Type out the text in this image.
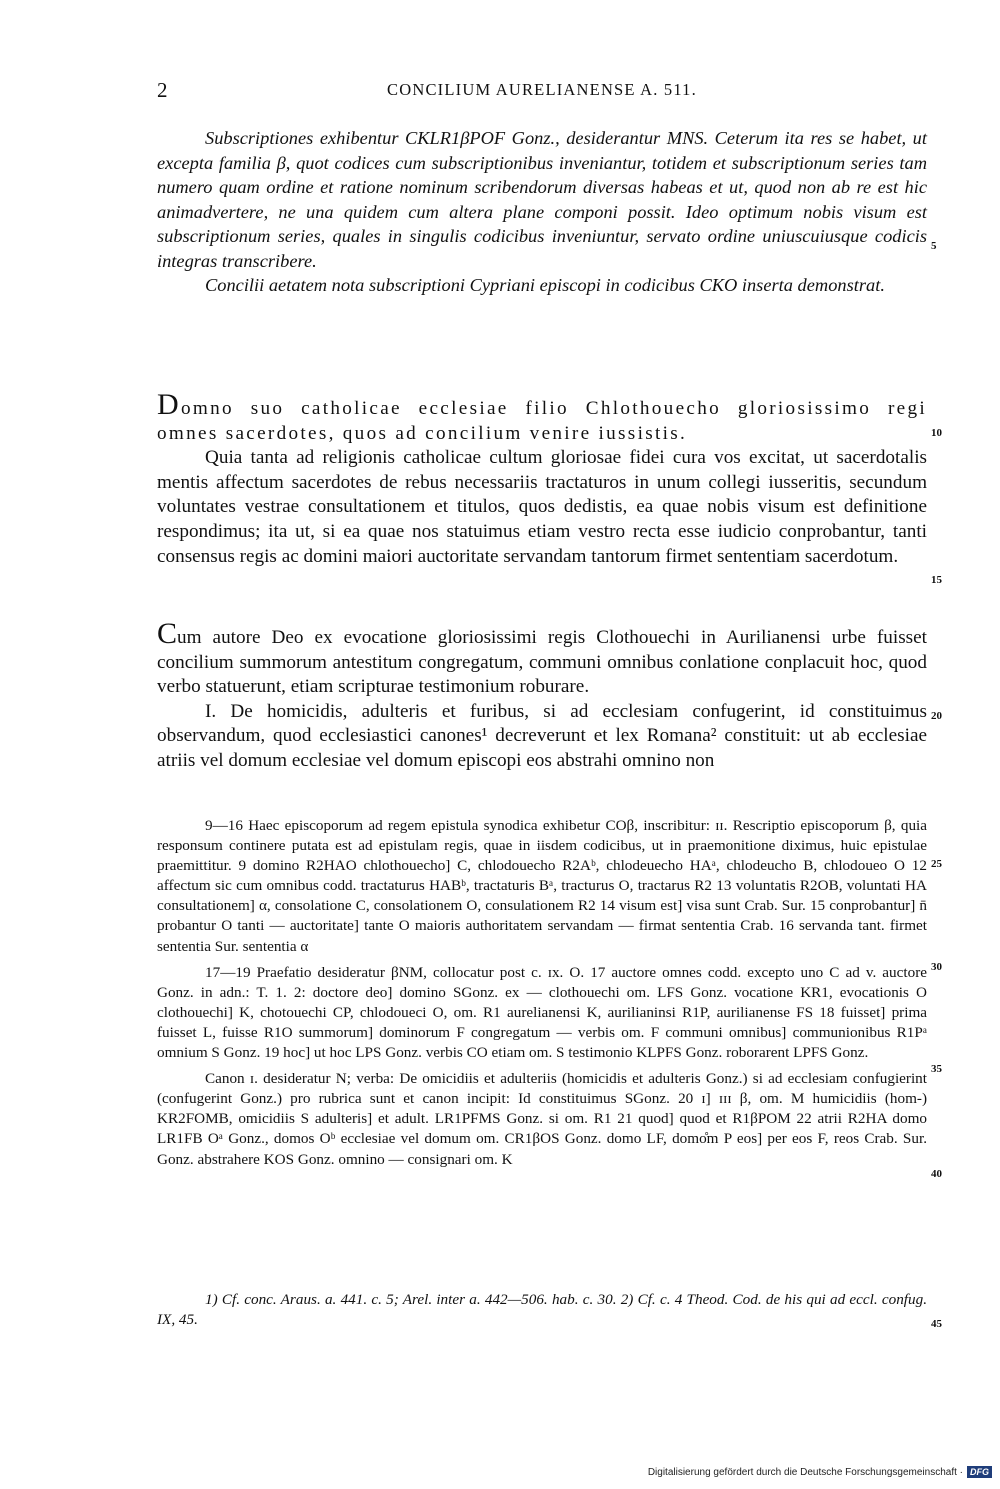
2	CONCILIUM AURELIANENSE A. 511.

Subscriptiones exhibentur CKLR1βPOF Gonz., desiderantur MNS. Ceterum ita res se habet, ut excepta familia β, quot codices cum subscriptionibus inveniantur, totidem et subscriptionum series tam numero quam ordine et ratione nominum scribendorum diversas habeas et ut, quod non ab re est hic animadvertere, ne una quidem cum altera plane componi possit. Ideo optimum nobis visum est subscriptionum series, quales in singulis codicibus inveniuntur, servato ordine uniuscuiusque codicis integras transcribere.

Concilii aetatem nota subscriptioni Cypriani episcopi in codicibus CKO inserta demonstrat.

Domno suo catholicae ecclesiae filio Chlothouecho gloriosissimo regi omnes sacerdotes, quos ad concilium venire iussistis.

Quia tanta ad religionis catholicae cultum gloriosae fidei cura vos excitat, ut sacerdotalis mentis affectum sacerdotes de rebus necessariis tractaturos in unum collegi iusseritis, secundum voluntates vestrae consultationem et titulos, quos dedistis, ea quae nobis visum est definitione respondimus; ita ut, si ea quae nos statuimus etiam vestro recta esse iudicio conprobantur, tanti consensus regis ac domini maiori auctoritate servandam tantorum firmet sententiam sacerdotum.

Cum autore Deo ex evocatione gloriosissimi regis Clothouechi in Aurilianensi urbe fuisset concilium summorum antestitum congregatum, communi omnibus conlatione conplacuit hoc, quod verbo statuerunt, etiam scripturae testimonium roburare.

I. De homicidis, adulteris et furibus, si ad ecclesiam confugerint, id constituimus observandum, quod ecclesiastici canones¹ decreverunt et lex Romana² constituit: ut ab ecclesiae atriis vel domum ecclesiae vel domum episcopi eos abstrahi omnino non

9—16 Haec episcoporum ad regem epistula synodica exhibetur COβ, inscribitur: ɪɪ. Rescriptio episcoporum β, quia responsum continere putata est ad epistulam regis, quae in iisdem codicibus, ut in praemonitione diximus, huic epistulae praemittitur. 9 domino R2HAO chlothouecho] C, chlodouecho R2Aᵇ, chlodeuecho HAᵃ, chlodeucho B, chlodoueo O 12 affectum sic cum omnibus codd. tractaturus HABᵇ, tractaturis Bᵃ, tracturus O, tractarus R2 13 voluntatis R2OB, voluntati HA consultationem] α, consolatione C, consolationem O, consulationem R2 14 visum est] visa sunt Crab. Sur. 15 conprobantur] n̄ probantur O tanti — auctoritate] tante O maioris authoritatem servandam — firmat sententia Crab. 16 servanda tant. firmet sententia Sur. sententia α

17—19 Praefatio desideratur βNM, collocatur post c. ɪx. O. 17 auctore omnes codd. excepto uno C ad v. auctore Gonz. in adn.: T. 1. 2: doctore deo] domino SGonz. ex — clothouechi om. LFS Gonz. vocatione KR1, evocationis O clothouechi] K, chotouechi CP, chlodoueci O, om. R1 aurelianensi K, aurilianinsi R1P, aurilianense FS 18 fuisset] prima fuisset L, fuisse R1O summorum] dominorum F congregatum — verbis om. F communi omnibus] communionibus R1Pᵃ omnium S Gonz. 19 hoc] ut hoc LPS Gonz. verbis CO etiam om. S testimonio KLPFS Gonz. roborarent LPFS Gonz.

Canon ɪ. desideratur N; verba: De omicidiis et adulteriis (homicidis et adulteris Gonz.) si ad ecclesiam confugierint (confugerint Gonz.) pro rubrica sunt et canon incipit: Id constituimus SGonz. 20 ɪ] ɪɪɪ β, om. M humicidiis (hom-) KR2FOMB, omicidiis S adulteris] et adult. LR1PFMS Gonz. si om. R1 21 quod] quod et R1βPOM 22 atrii R2HA domo LR1FB Oᵃ Gonz., domos Oᵇ ecclesiae vel domum om. CR1βOS Gonz. domo LF, domo̊m P eos] per eos F, reos Crab. Sur. Gonz. abstrahere KOS Gonz. omnino — consignari om. K

1) Cf. conc. Araus. a. 441. c. 5; Arel. inter a. 442—506. hab. c. 30. 2) Cf. c. 4 Theod. Cod. de his qui ad eccl. confug. IX, 45.

5
10
15
20
25
30
35
40
45
Digitalisierung gefördert durch die Deutsche Forschungsgemeinschaft · DFG
